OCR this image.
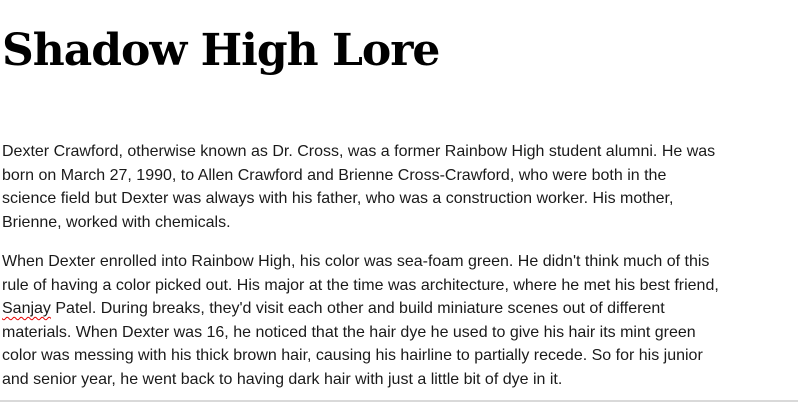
Shadow High Lore
Dexter Crawford, otherwise known as Dr. Cross, was a former Rainbow High student alumni. He was
born on March 27, 1990, to Allen Crawford and Brienne Cross-Crawford, who were both in the
science field but Dexter was always with his father, who was a construction worker. His mother,
Brienne, worked with chemicals.
When Dexter enrolled into Rainbow High, his color was sea-foam green. He didn't think much of this
rule of having a color picked out. His major at the time was architecture, where he met his best friend,
Sanjay Patel. During breaks, they'd visit each other and build miniature scenes out of different
materials. When Dexter was 16, he noticed that the hair dye he used to give his hair its mint green
color was messing with his thick brown hair, causing his hairline to partially recede. So for his junior
and senior year, he went back to having dark hair with just a little bit of dye in it.
